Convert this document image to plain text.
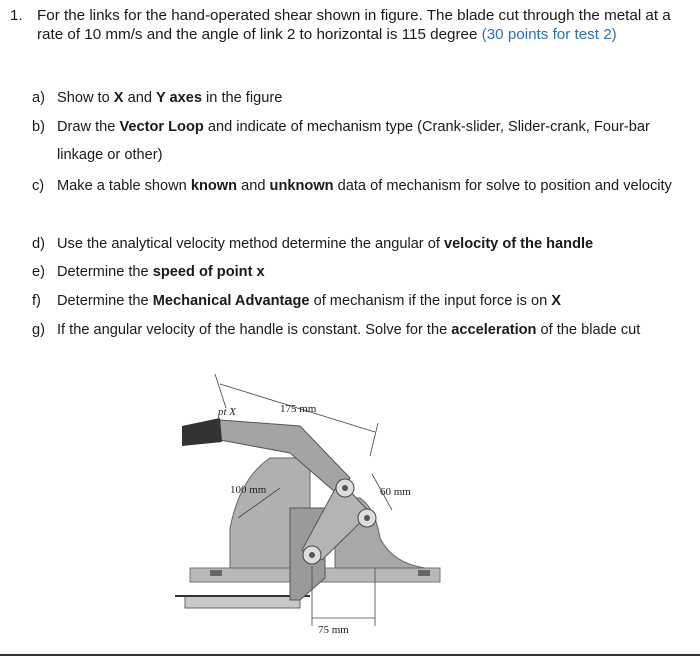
1. For the links for the hand-operated shear shown in figure. The blade cut through the metal at a rate of 10 mm/s and the angle of link 2 to horizontal is 115 degree (30 points for test 2)
a) Show to X and Y axes in the figure
b) Draw the Vector Loop and indicate of mechanism type (Crank-slider, Slider-crank, Four-bar linkage or other)
c) Make a table shown known and unknown data of mechanism for solve to position and velocity
d) Use the analytical velocity method determine the angular of velocity of the handle
e) Determine the speed of point x
f) Determine the Mechanical Advantage of mechanism if the input force is on X
g) If the angular velocity of the handle is constant. Solve for the acceleration of the blade cut
pt X	175 mm
100 mm	60 mm
75 mm
